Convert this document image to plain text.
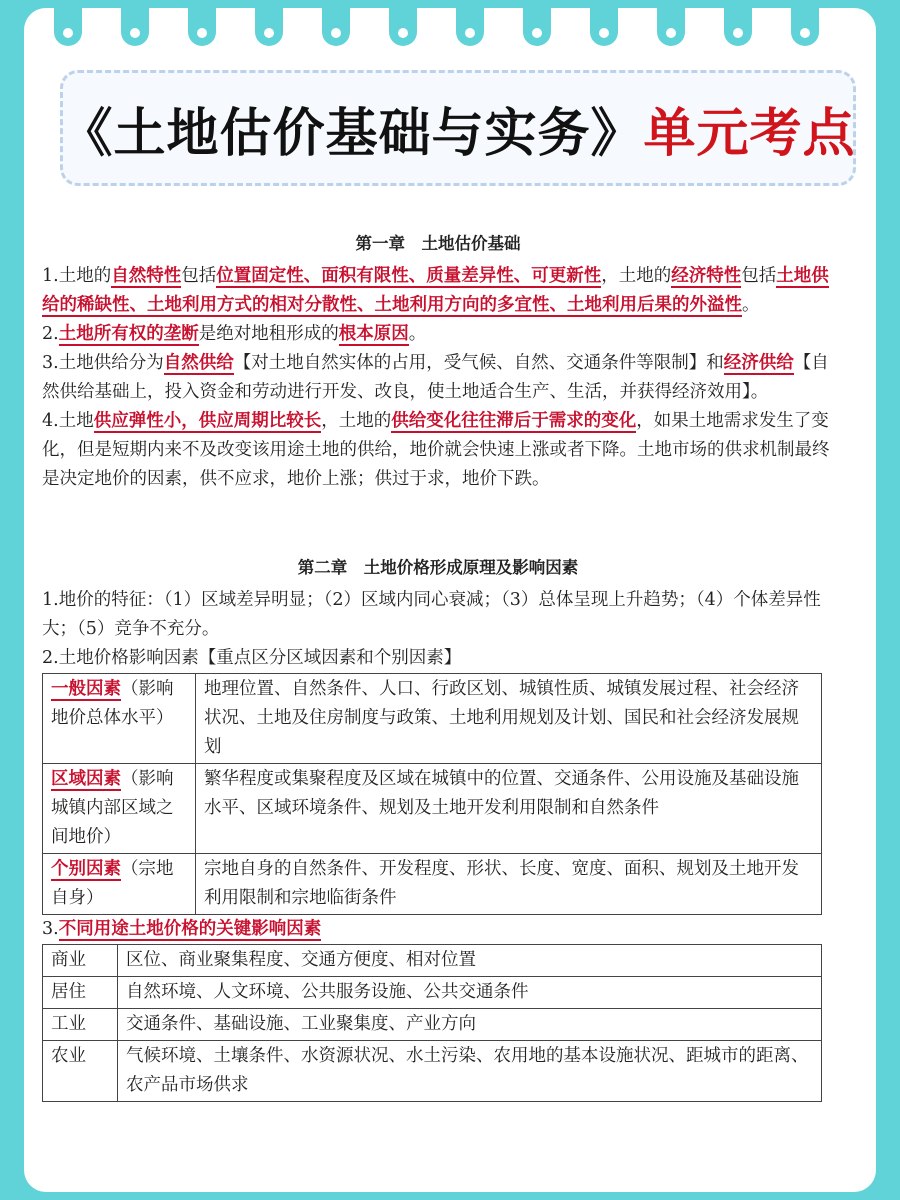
《土地估价基础与实务》 单元考点
第一章　土地估价基础

1.土地的自然特性包括位置固定性、面积有限性、质量差异性、可更新性，土地的经济特性包括土地供给的稀缺性、土地利用方式的相对分散性、土地利用方向的多宜性、土地利用后果的外溢性。

2.土地所有权的垄断是绝对地租形成的根本原因。

3.土地供给分为自然供给【对土地自然实体的占用，受气候、自然、交通条件等限制】和经济供给【自然供给基础上，投入资金和劳动进行开发、改良，使土地适合生产、生活，并获得经济效用】。

4.土地供应弹性小，供应周期比较长，土地的供给变化往往滞后于需求的变化，如果土地需求发生了变化，但是短期内来不及改变该用途土地的供给，地价就会快速上涨或者下降。土地市场的供求机制最终是决定地价的因素，供不应求，地价上涨；供过于求，地价下跌。

第二章　土地价格形成原理及影响因素

1.地价的特征：（1）区域差异明显；（2）区域内同心衰减；（3）总体呈现上升趋势；（4）个体差异性大；（5）竞争不充分。

2.土地价格影响因素【重点区分区域因素和个别因素】

一般因素（影响地价总体水平）	地理位置、自然条件、人口、行政区划、城镇性质、城镇发展过程、社会经济状况、土地及住房制度与政策、土地利用规划及计划、国民和社会经济发展规划
区域因素（影响城镇内部区域之间地价）	繁华程度或集聚程度及区域在城镇中的位置、交通条件、公用设施及基础设施水平、区域环境条件、规划及土地开发利用限制和自然条件
个别因素（宗地自身）	宗地自身的自然条件、开发程度、形状、长度、宽度、面积、规划及土地开发利用限制和宗地临街条件

3.不同用途土地价格的关键影响因素

商业	区位、商业聚集程度、交通方便度、相对位置
居住	自然环境、人文环境、公共服务设施、公共交通条件
工业	交通条件、基础设施、工业聚集度、产业方向
农业	气候环境、土壤条件、水资源状况、水土污染、农用地的基本设施状况、距城市的距离、农产品市场供求
